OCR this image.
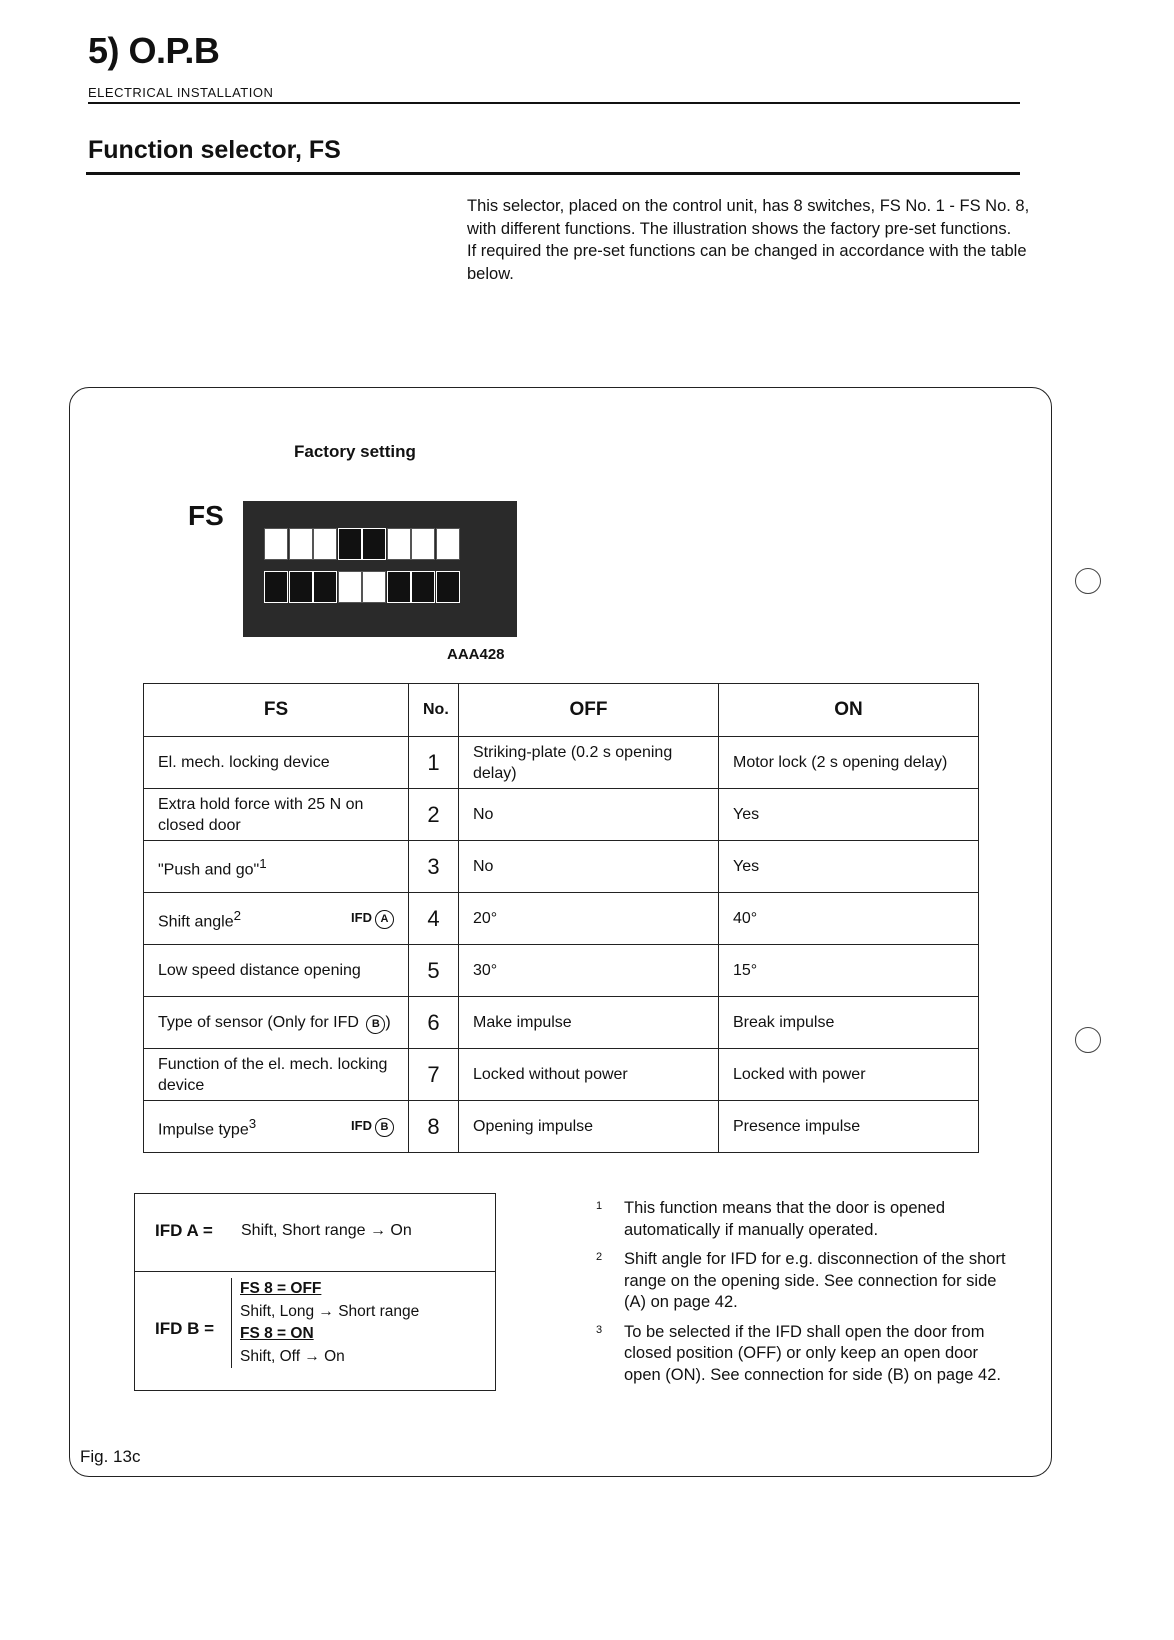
5) O.P.B
ELECTRICAL INSTALLATION
Function selector, FS

This selector, placed on the control unit, has 8 switches, FS No. 1 - FS No. 8, with different functions. The illustration shows the factory pre-set functions.

If required the pre-set functions can be changed in accordance with the table below.

Factory setting
FS
AAA428
FS	No.	OFF	ON
El. mech. locking device	1	Striking-plate (0.2 s opening delay)	Motor lock (2 s opening delay)
Extra hold force with 25 N on closed door	2	No	Yes
"Push and go"$^1$	3	No	Yes

Shift angle$^2$ IFD A	4	20°	40°
Low speed distance opening	5	30°	15°
Type of sensor (Only for IFD B )	6	Make impulse	Break impulse
Function of the el. mech. locking device	7	Locked without power	Locked with power

Impulse type$^3$ IFD B	8	Opening impulse	Presence impulse
IFD A = Shift, Short range → On
IFD B =
FS 8 = OFF
Shift, Long → Short range
FS 8 = ON
Shift, Off → On
1 This function means that the door is opened automatically if manually operated.
2 Shift angle for IFD for e.g. disconnection of the short range on the opening side. See connection for side (A) on page 42.
3 To be selected if the IFD shall open the door from closed position (OFF) or only keep an open door open (ON). See connection for side (B) on page 42.
Fig. 13c
